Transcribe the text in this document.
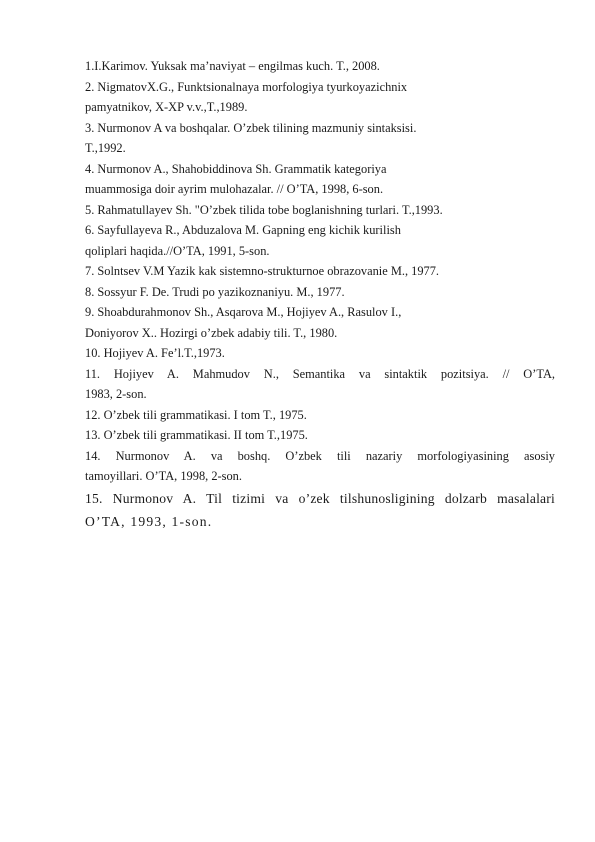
1.I.Karimov. Yuksak ma’naviyat – engilmas kuch. T., 2008.
2. NigmatovX.G., Funktsionalnaya morfologiya tyurkoyazichnix
pamyatnikov, X-XP v.v.,T.,1989.
3. Nurmonov A va boshqalar. O’zbek tilining mazmuniy sintaksisi.
T.,1992.
4. Nurmonov A., Shahobiddinova Sh. Grammatik kategoriya
muammosiga doir ayrim mulohazalar. // O’TA, 1998, 6-son.
5. Rahmatullayev Sh. "O’zbek tilida tobe boglanishning turlari. T.,1993.
6. Sayfullayeva R., Abduzalova M. Gapning eng kichik kurilish
qoliplari haqida.//O’TA, 1991, 5-son.
7. Solntsev V.M Yazik kak sistemno-strukturnoe obrazovanie M., 1977.
8. Sossyur F. De. Trudi po yazikoznaniyu. M., 1977.
9. Shoabdurahmonov Sh., Asqarova M., Hojiyev A., Rasulov I.,
Doniyorov X.. Hozirgi o’zbek adabiy tili. T., 1980.
10. Hojiyev A. Fe’l.T.,1973.
11. Hojiyev A. Mahmudov N., Semantika va sintaktik pozitsiya. // O’TA,
1983, 2-son.
12. O’zbek tili grammatikasi. I tom T., 1975.
13. O’zbek tili grammatikasi. II tom T.,1975.
14. Nurmonov A. va boshq. O’zbek tili nazariy morfologiyasining asosiy
tamoyillari. O’TA, 1998, 2-son.
15. Nurmonov A. Til tizimi va o’zek tilshunosligining dolzarb masalalari
O’TA, 1993, 1-son.
